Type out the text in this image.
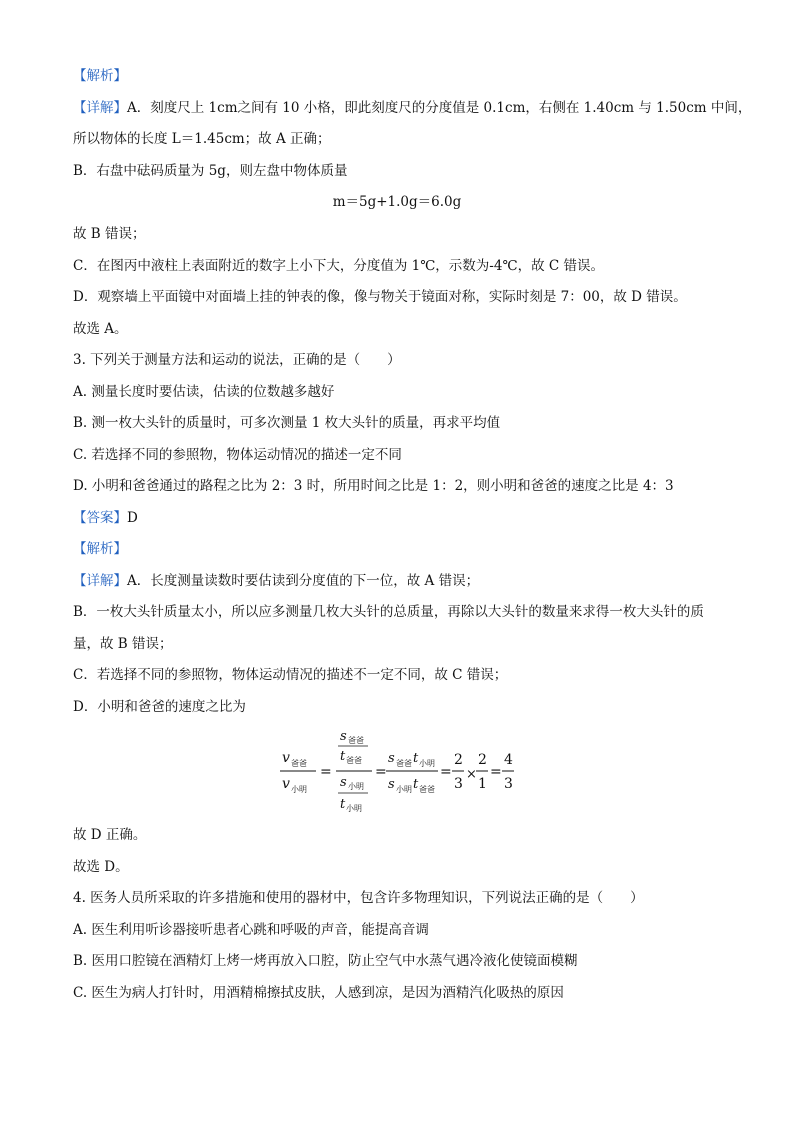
【解析】
【详解】A．刻度尺上 1cm之间有 10 小格，即此刻度尺的分度值是 0.1cm，右侧在 1.40cm 与 1.50cm 中间，
所以物体的长度 L＝1.45cm；故 A 正确；
B．右盘中砝码质量为 5g，则左盘中物体质量
m＝5g+1.0g＝6.0g
故 B 错误；
C．在图丙中液柱上表面附近的数字上小下大，分度值为 1℃，示数为-4℃，故 C 错误。
D．观察墙上平面镜中对面墙上挂的钟表的像，像与物关于镜面对称，实际时刻是 7：00，故 D 错误。
故选 A。
3. 下列关于测量方法和运动的说法，正确的是（　　）
A. 测量长度时要估读，估读的位数越多越好
B. 测一枚大头针的质量时，可多次测量 1 枚大头针的质量，再求平均值
C. 若选择不同的参照物，物体运动情况的描述一定不同
D. 小明和爸爸通过的路程之比为 2：3 时，所用时间之比是 1：2，则小明和爸爸的速度之比是 4：3
【答案】D
【解析】
【详解】A．长度测量读数时要估读到分度值的下一位，故 A 错误；
B．一枚大头针质量太小，所以应多测量几枚大头针的总质量，再除以大头针的数量来求得一枚大头针的质
量，故 B 错误；
C．若选择不同的参照物，物体运动情况的描述不一定不同，故 C 错误；
D．小明和爸爸的速度之比为
v 爸爸
v 小明
=
s 爸爸
t 爸爸
s 小明
t 小明
=
s 爸爸 t 小明
s 小明 t 爸爸
=
2
3
×
2
1
=
4
3
故 D 正确。
故选 D。
4. 医务人员所采取的许多措施和使用的器材中，包含许多物理知识，下列说法正确的是（　　）
A. 医生利用听诊器接听患者心跳和呼吸的声音，能提高音调
B. 医用口腔镜在酒精灯上烤一烤再放入口腔，防止空气中水蒸气遇冷液化使镜面模糊
C. 医生为病人打针时，用酒精棉擦拭皮肤，人感到凉，是因为酒精汽化吸热的原因
